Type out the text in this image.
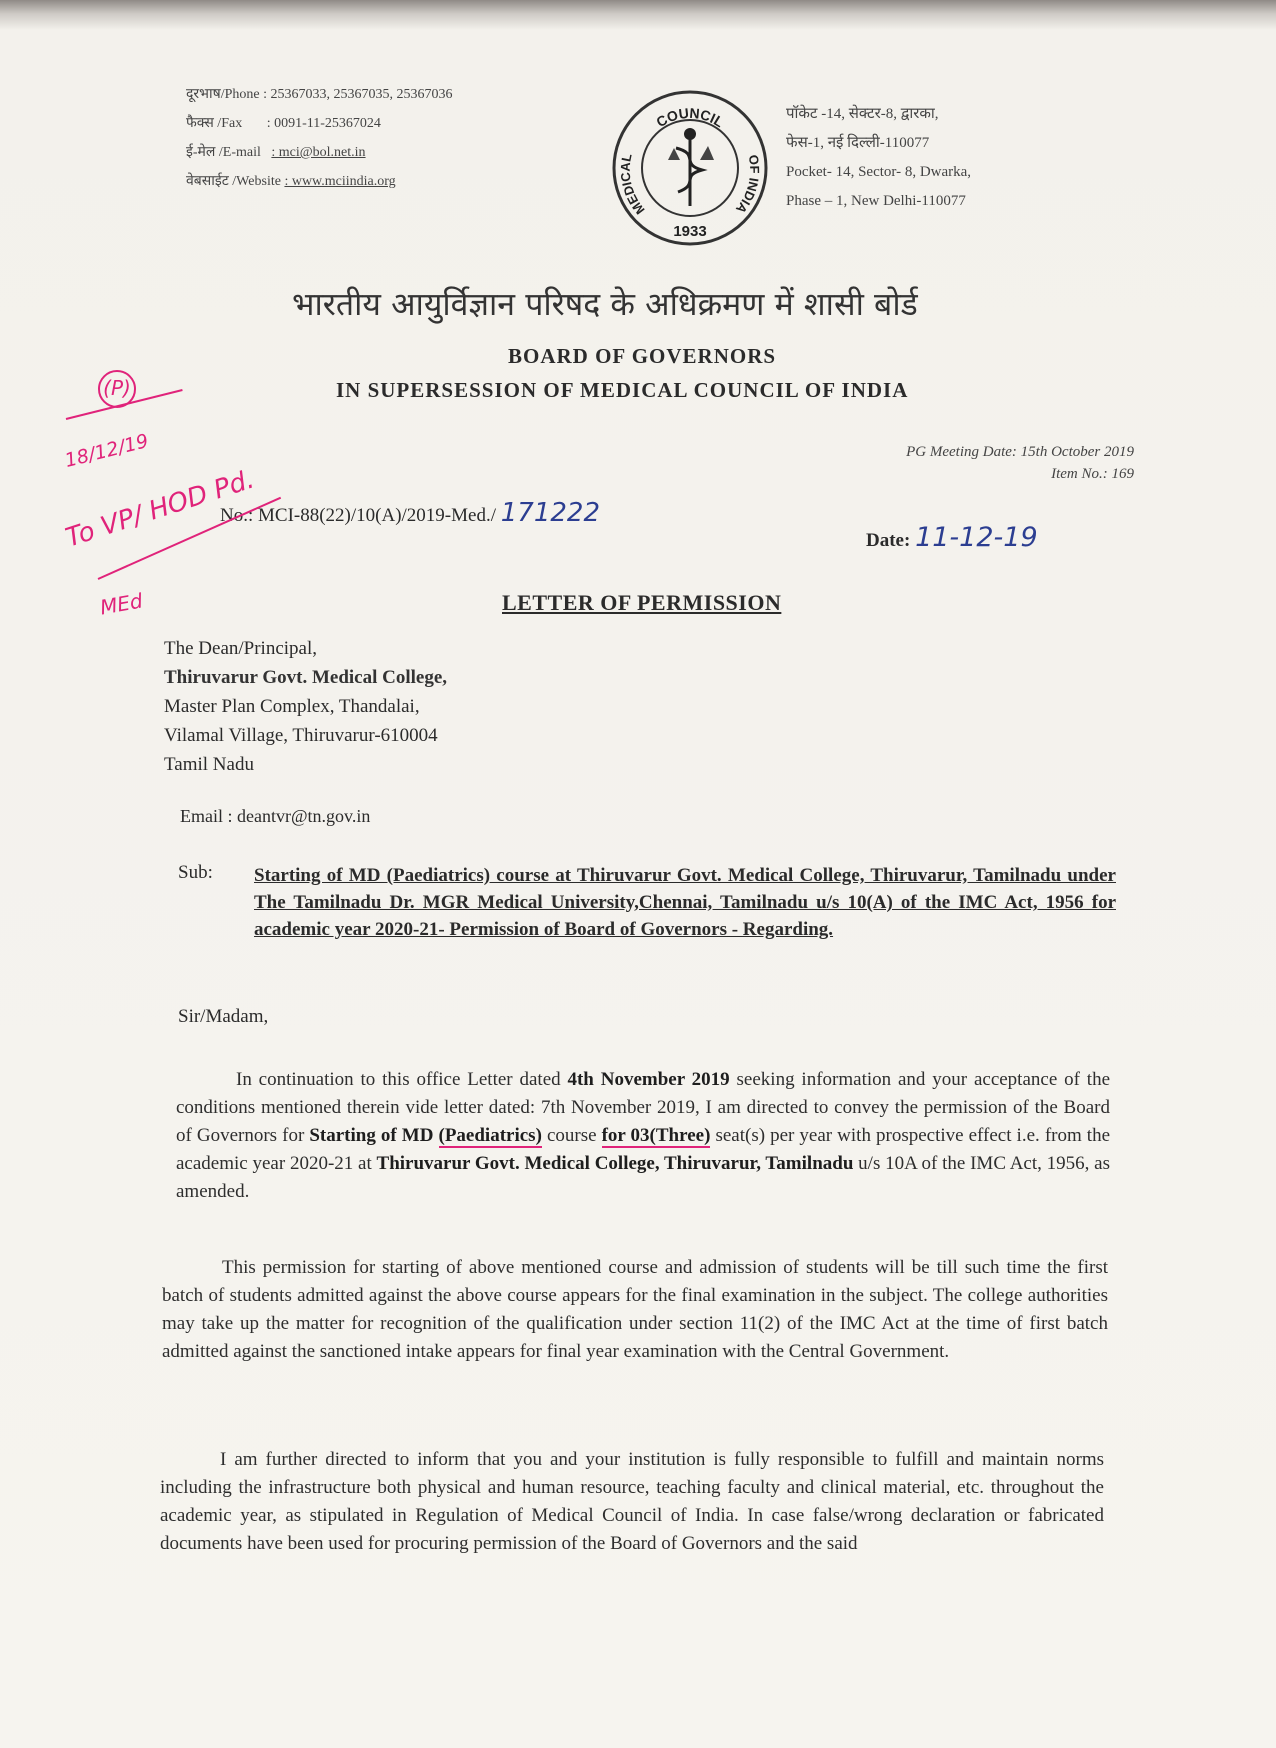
दूरभाष/Phone : 25367033, 25367035, 25367036
फैक्स /Fax : 0091-11-25367024
ई-मेल /E-mail : mci@bol.net.in
वेबसाईट /Website : www.mciindia.org
COUNCIL
MEDICAL	OF INDIA
1933
पॉकेट -14, सेक्टर-8, द्वारका,
फेस-1, नई दिल्ली-110077
Pocket- 14, Sector- 8, Dwarka,
Phase – 1, New Delhi-110077
भारतीय आयुर्विज्ञान परिषद के अधिक्रमण में शासी बोर्ड
BOARD OF GOVERNORS
IN SUPERSESSION OF MEDICAL COUNCIL OF INDIA
PG Meeting Date: 15th October 2019
Item No.: 169
No.: MCI-88(22)/10(A)/2019-Med./ 171222
Date: 11-12-19
(P)
18/12/19
To VP/ HOD Pd.
MEd	LETTER OF PERMISSION
The Dean/Principal,
Thiruvarur Govt. Medical College,
Master Plan Complex, Thandalai,
Vilamal Village, Thiruvarur-610004
Tamil Nadu
Email : deantvr@tn.gov.in
Sub: Starting of MD (Paediatrics) course at Thiruvarur Govt. Medical College, Thiruvarur, Tamilnadu under The Tamilnadu Dr. MGR Medical University,Chennai, Tamilnadu u/s 10(A) of the IMC Act, 1956 for academic year 2020-21- Permission of Board of Governors - Regarding.
Sir/Madam,
In continuation to this office Letter dated 4th November 2019 seeking information and your acceptance of the conditions mentioned therein vide letter dated: 7th November 2019, I am directed to convey the permission of the Board of Governors for Starting of MD (Paediatrics) course for 03(Three) seat(s) per year with prospective effect i.e. from the academic year 2020-21 at Thiruvarur Govt. Medical College, Thiruvarur, Tamilnadu u/s 10A of the IMC Act, 1956, as amended.
This permission for starting of above mentioned course and admission of students will be till such time the first batch of students admitted against the above course appears for the final examination in the subject. The college authorities may take up the matter for recognition of the qualification under section 11(2) of the IMC Act at the time of first batch admitted against the sanctioned intake appears for final year examination with the Central Government.
I am further directed to inform that you and your institution is fully responsible to fulfill and maintain norms including the infrastructure both physical and human resource, teaching faculty and clinical material, etc. throughout the academic year, as stipulated in Regulation of Medical Council of India. In case false/wrong declaration or fabricated documents have been used for procuring permission of the Board of Governors and the said
